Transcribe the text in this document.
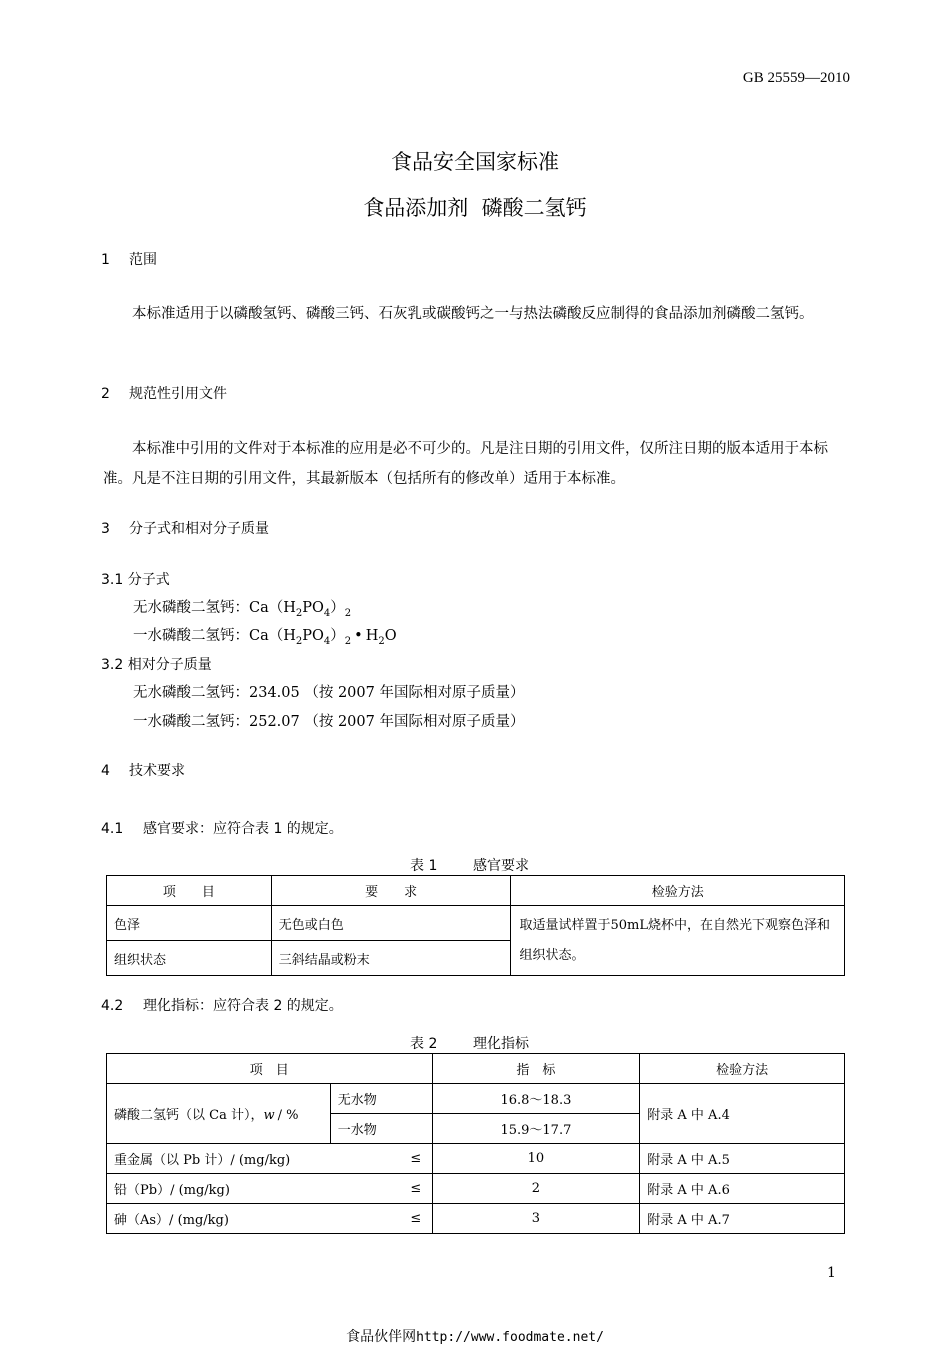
GB 25559—2010
食品安全国家标准
食品添加剂  磷酸二氢钙
1 范围
本标准适用于以磷酸氢钙、磷酸三钙、石灰乳或碳酸钙之一与热法磷酸反应制得的食品添加剂磷酸二氢钙。
2 规范性引用文件
本标准中引用的文件对于本标准的应用是必不可少的。凡是注日期的引用文件，仅所注日期的版本适用于本标准。凡是不注日期的引用文件，其最新版本（包括所有的修改单）适用于本标准。
3 分子式和相对分子质量
3.1 分子式
无水磷酸二氢钙：$Ca(H_2PO_4)_2$
一水磷酸二氢钙：$Ca(H_2PO_4)_2$ • $H_2O$
3.2 相对分子质量
无水磷酸二氢钙：234.05 （按 2007 年国际相对原子质量）
一水磷酸二氢钙：252.07 （按 2007 年国际相对原子质量）
4 技术要求
4.1 感官要求：应符合表 1 的规定。
表 1	感官要求
项　　目	要　　求	检验方法
色泽	无色或白色	取适量试样置于50mL烧杯中，在自然光下观察色泽和组织状态。
组织状态	三斜结晶或粉末	
4.2 理化指标：应符合表 2 的规定。
表 2	理化指标
项　目			指　标	检验方法
磷酸二氢钙（以 Ca 计），w / %	无水物		16.8～18.3	附录 A 中 A.4
	一水物		15.9～17.7	
重金属（以 Pb 计）/ (mg/kg)		≤	10	附录 A 中 A.5
铅（Pb）/ (mg/kg)		≤	2	附录 A 中 A.6
砷（As）/ (mg/kg)		≤	3	附录 A 中 A.7
1
食品伙伴网http://www.foodmate.net/
